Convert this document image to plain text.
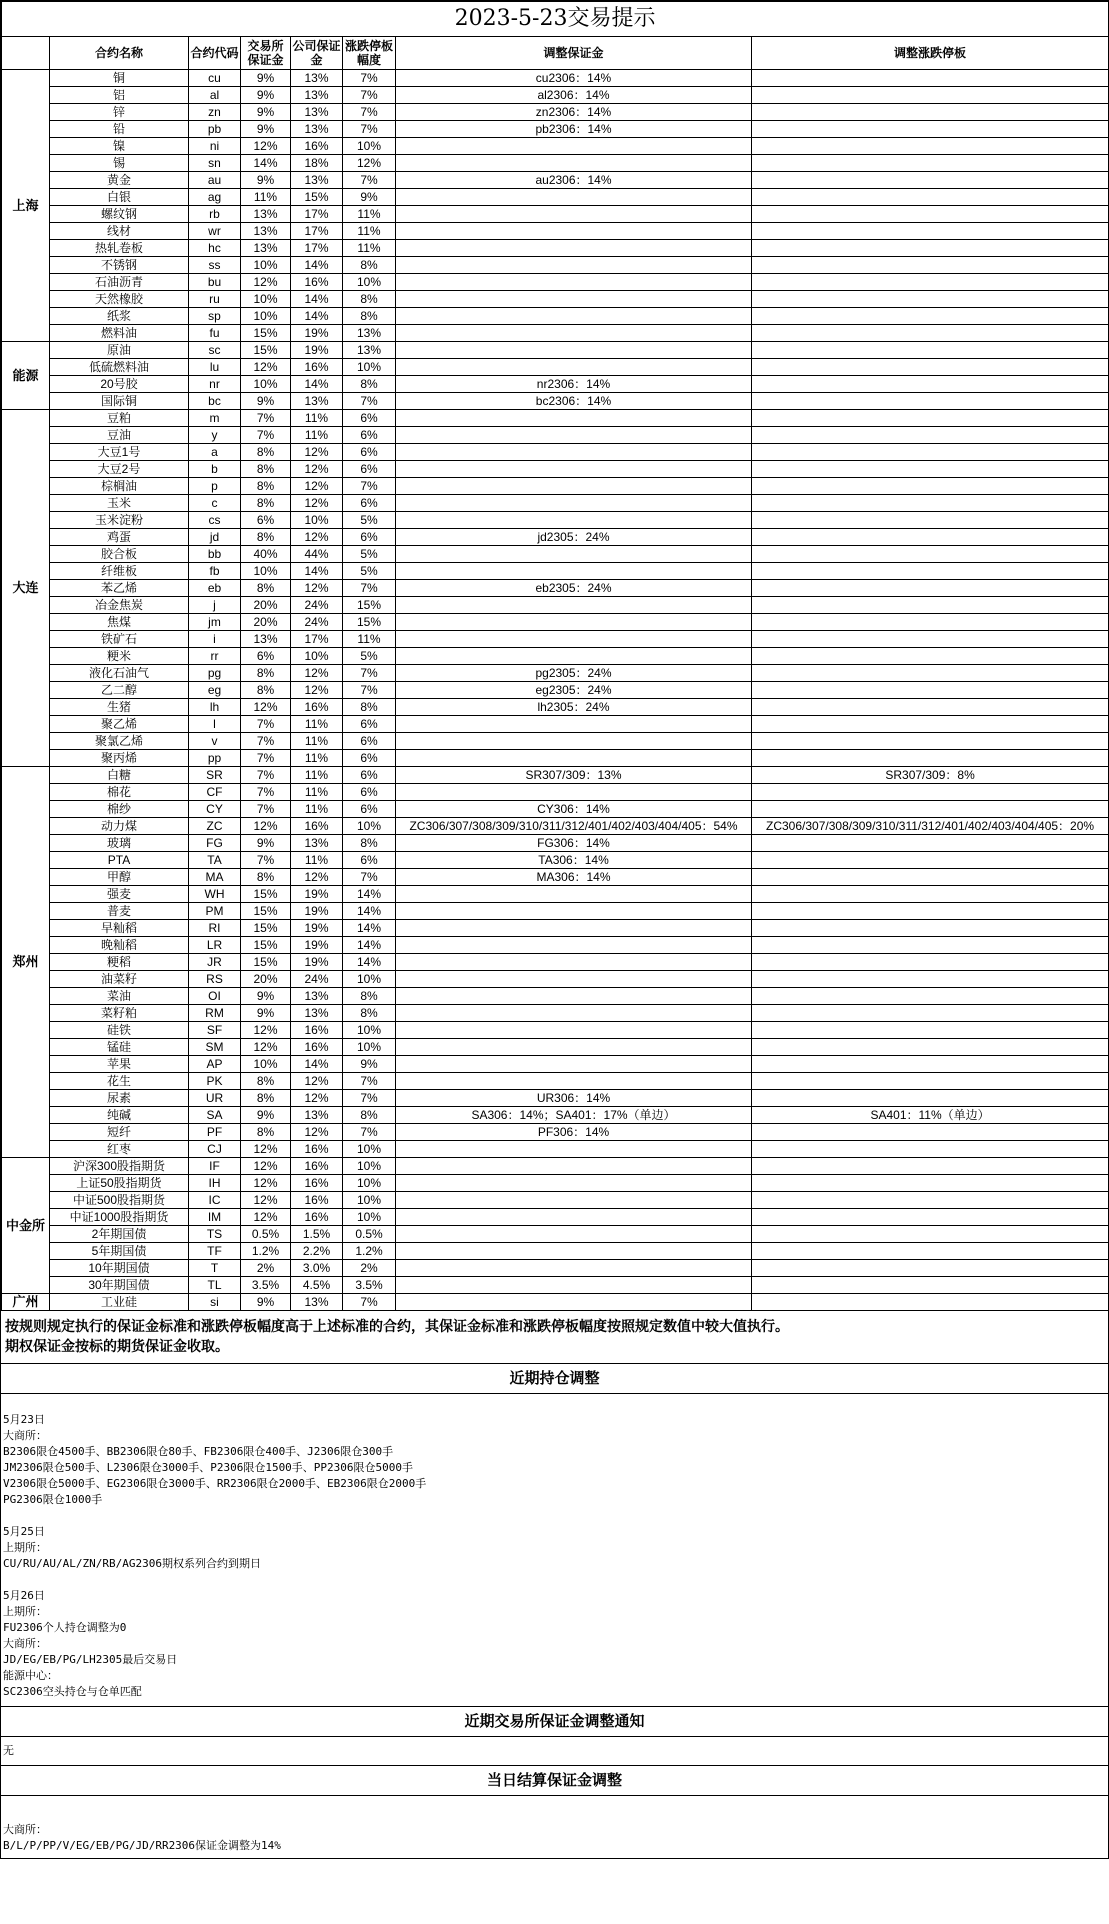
2023-5-23交易提示							
	合约名称	合约代码	交易所保证金	公司保证金	涨跌停板幅度	调整保证金	调整涨跌停板
上海	铜	cu	9%	13%	7%	cu2306：14%	
	铝	al	9%	13%	7%	al2306：14%	
	锌	zn	9%	13%	7%	zn2306：14%	
	铅	pb	9%	13%	7%	pb2306：14%	
	镍	ni	12%	16%	10%		
	锡	sn	14%	18%	12%		
	黄金	au	9%	13%	7%	au2306：14%	
	白银	ag	11%	15%	9%		
	螺纹钢	rb	13%	17%	11%		
	线材	wr	13%	17%	11%		
	热轧卷板	hc	13%	17%	11%		
	不锈钢	ss	10%	14%	8%		
	石油沥青	bu	12%	16%	10%		
	天然橡胶	ru	10%	14%	8%		
	纸浆	sp	10%	14%	8%		
	燃料油	fu	15%	19%	13%		
能源	原油	sc	15%	19%	13%		
	低硫燃料油	lu	12%	16%	10%		
	20号胶	nr	10%	14%	8%	nr2306：14%	
	国际铜	bc	9%	13%	7%	bc2306：14%	
大连	豆粕	m	7%	11%	6%		
	豆油	y	7%	11%	6%		
	大豆1号	a	8%	12%	6%		
	大豆2号	b	8%	12%	6%		
	棕榈油	p	8%	12%	7%		
	玉米	c	8%	12%	6%		
	玉米淀粉	cs	6%	10%	5%		
	鸡蛋	jd	8%	12%	6%	jd2305：24%	
	胶合板	bb	40%	44%	5%		
	纤维板	fb	10%	14%	5%		
	苯乙烯	eb	8%	12%	7%	eb2305：24%	
	冶金焦炭	j	20%	24%	15%		
	焦煤	jm	20%	24%	15%		
	铁矿石	i	13%	17%	11%		
	粳米	rr	6%	10%	5%		
	液化石油气	pg	8%	12%	7%	pg2305：24%	
	乙二醇	eg	8%	12%	7%	eg2305：24%	
	生猪	lh	12%	16%	8%	lh2305：24%	
	聚乙烯	l	7%	11%	6%		
	聚氯乙烯	v	7%	11%	6%		
	聚丙烯	pp	7%	11%	6%		
郑州	白糖	SR	7%	11%	6%	SR307/309：13%	SR307/309：8%
	棉花	CF	7%	11%	6%		
	棉纱	CY	7%	11%	6%	CY306：14%	
	动力煤	ZC	12%	16%	10%	ZC306/307/308/309/310/311/312/401/402/403/404/405：54%	ZC306/307/308/309/310/311/312/401/402/403/404/405：20%
	玻璃	FG	9%	13%	8%	FG306：14%	
	PTA	TA	7%	11%	6%	TA306：14%	
	甲醇	MA	8%	12%	7%	MA306：14%	
	强麦	WH	15%	19%	14%		
	普麦	PM	15%	19%	14%		
	早籼稻	RI	15%	19%	14%		
	晚籼稻	LR	15%	19%	14%		
	粳稻	JR	15%	19%	14%		
	油菜籽	RS	20%	24%	10%		
	菜油	OI	9%	13%	8%		
	菜籽粕	RM	9%	13%	8%		
	硅铁	SF	12%	16%	10%		
	锰硅	SM	12%	16%	10%		
	苹果	AP	10%	14%	9%		
	花生	PK	8%	12%	7%		
	尿素	UR	8%	12%	7%	UR306：14%	
	纯碱	SA	9%	13%	8%	SA306：14%；SA401：17%（单边）	SA401：11%（单边）
	短纤	PF	8%	12%	7%	PF306：14%	
	红枣	CJ	12%	16%	10%		
中金所	沪深300股指期货	IF	12%	16%	10%		
	上证50股指期货	IH	12%	16%	10%		
	中证500股指期货	IC	12%	16%	10%		
	中证1000股指期货	IM	12%	16%	10%		
	2年期国债	TS	0.5%	1.5%	0.5%		
	5年期国债	TF	1.2%	2.2%	1.2%		
	10年期国债	T	2%	3.0%	2%		
	30年期国债	TL	3.5%	4.5%	3.5%		
广州	工业硅	si	9%	13%	7%		
按规则规定执行的保证金标准和涨跌停板幅度高于上述标准的合约，其保证金标准和涨跌停板幅度按照规定数值中较大值执行。
期权保证金按标的期货保证金收取。
近期持仓调整
5月23日
大商所：
B2306限仓4500手、BB2306限仓80手、FB2306限仓400手、J2306限仓300手
JM2306限仓500手、L2306限仓3000手、P2306限仓1500手、PP2306限仓5000手
V2306限仓5000手、EG2306限仓3000手、RR2306限仓2000手、EB2306限仓2000手
PG2306限仓1000手
5月25日
上期所：
CU/RU/AU/AL/ZN/RB/AG2306期权系列合约到期日
5月26日
上期所：
FU2306个人持仓调整为0
大商所：
JD/EG/EB/PG/LH2305最后交易日
能源中心：
SC2306空头持仓与仓单匹配
近期交易所保证金调整通知
无
当日结算保证金调整
大商所：
B/L/P/PP/V/EG/EB/PG/JD/RR2306保证金调整为14%
